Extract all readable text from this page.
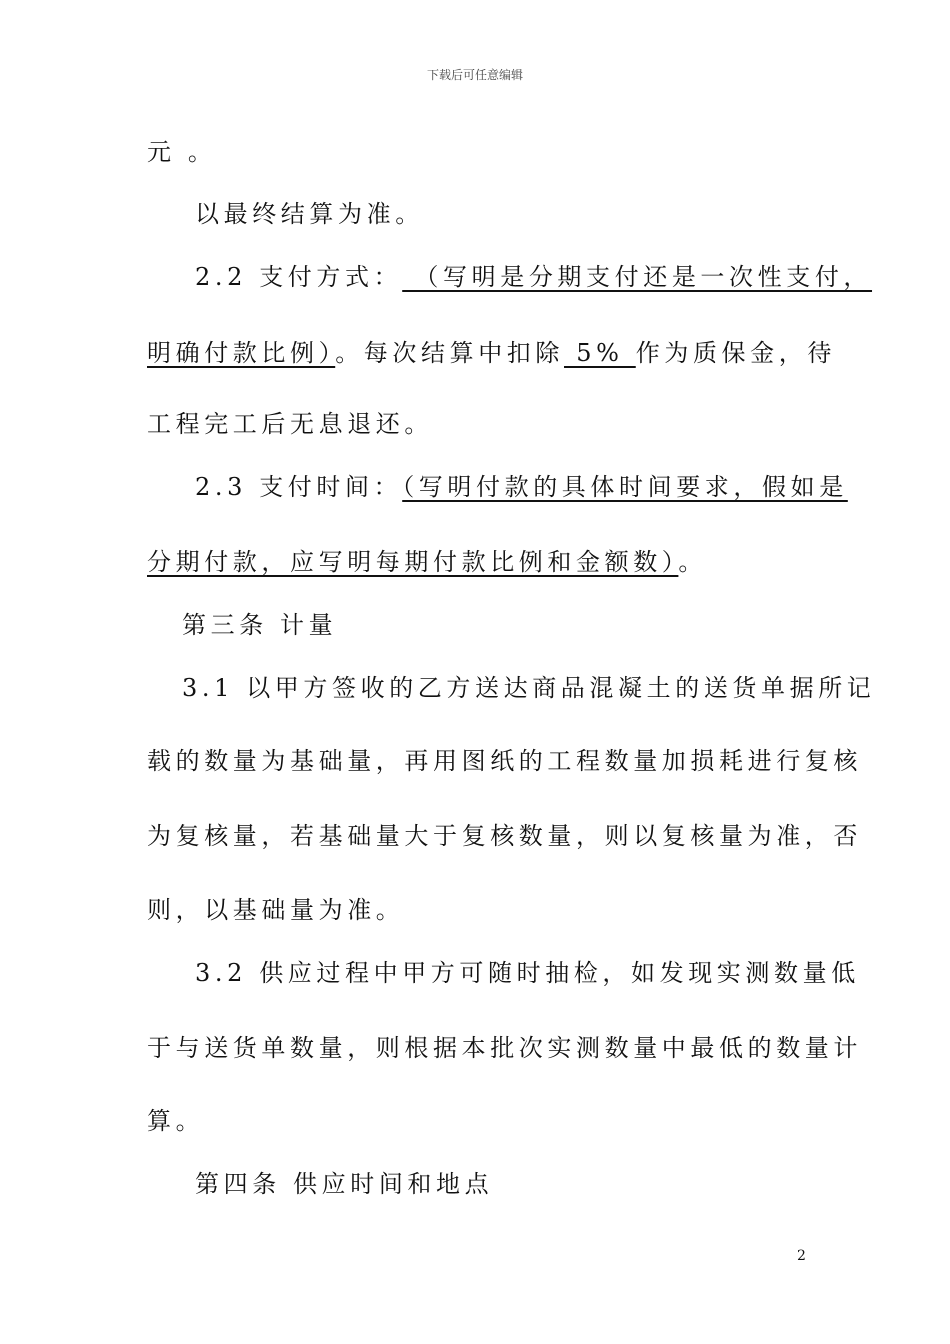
下载后可任意编辑
元 。
以最终结算为准。
2.2 支付方式： （写明是分期支付还是一次性支付，
明确付款比例）。每次结算中扣除 5% 作为质保金，待
工程完工后无息退还。
2.3 支付时间：（写明付款的具体时间要求，假如是
分期付款，应写明每期付款比例和金额数）。
第三条 计量
3.1 以甲方签收的乙方送达商品混凝土的送货单据所记
载的数量为基础量，再用图纸的工程数量加损耗进行复核
为复核量，若基础量大于复核数量，则以复核量为准，否
则，以基础量为准。
3.2 供应过程中甲方可随时抽检，如发现实测数量低
于与送货单数量，则根据本批次实测数量中最低的数量计
算。
第四条 供应时间和地点
2
